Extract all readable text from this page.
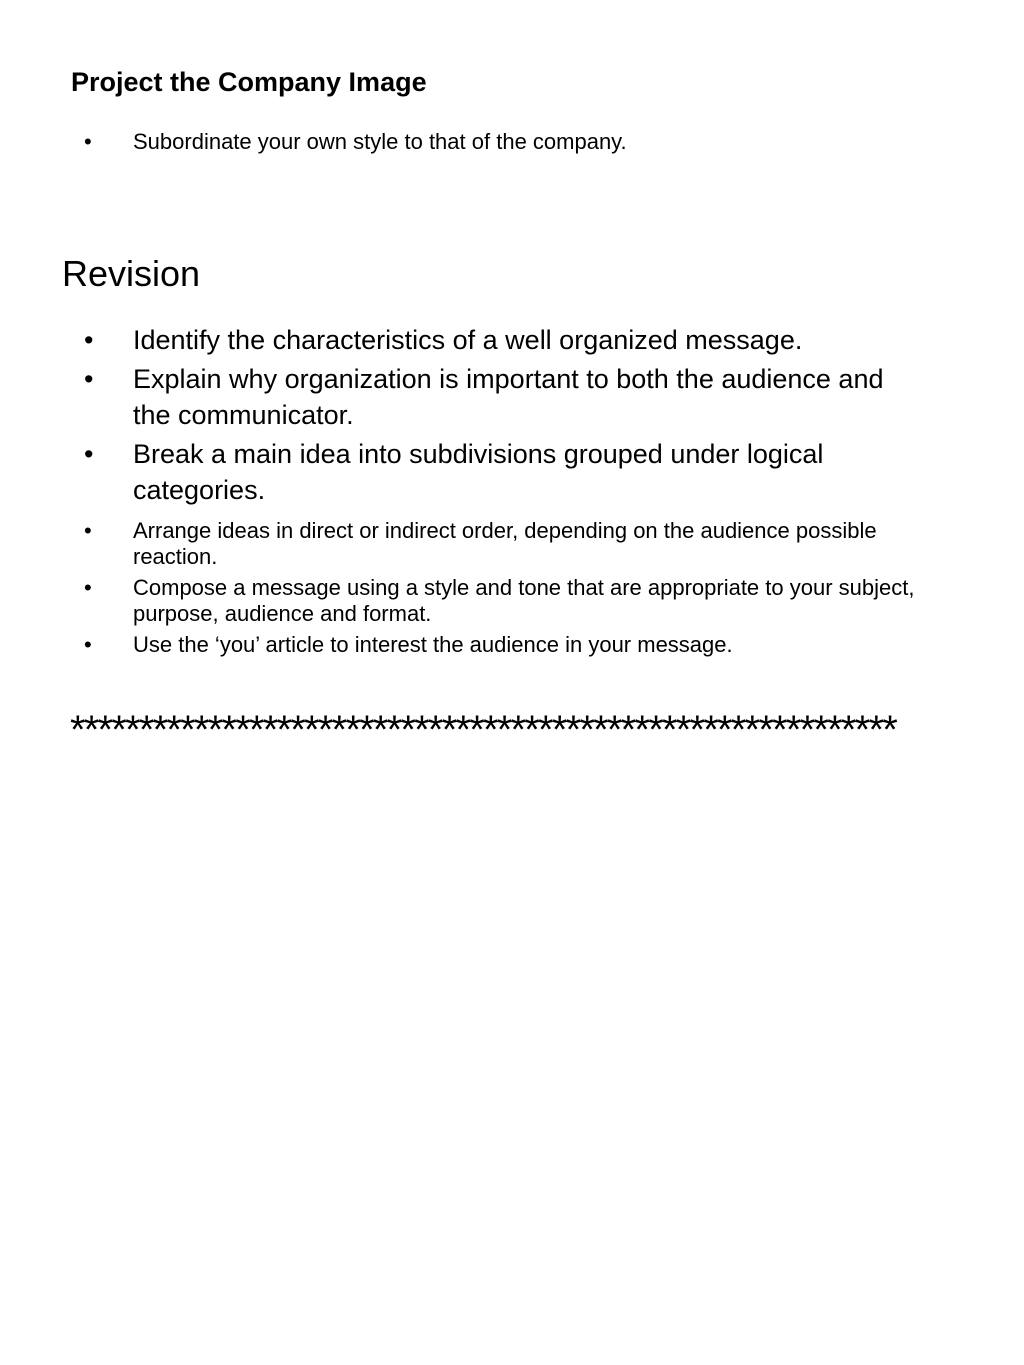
Project the Company Image
•	Subordinate your own style to that of the company.
Revision
•	Identify the characteristics of a well organized message.
•	Explain why organization is important to both the audience and the communicator.
•	Break a main idea into subdivisions grouped under logical categories.
•	Arrange ideas in direct or indirect order, depending on the audience possible reaction.
•	Compose a message using a style and tone that are appropriate to your subject, purpose, audience and format.
•	Use the ‘you’ article to interest the audience in your message.
************************************************************
